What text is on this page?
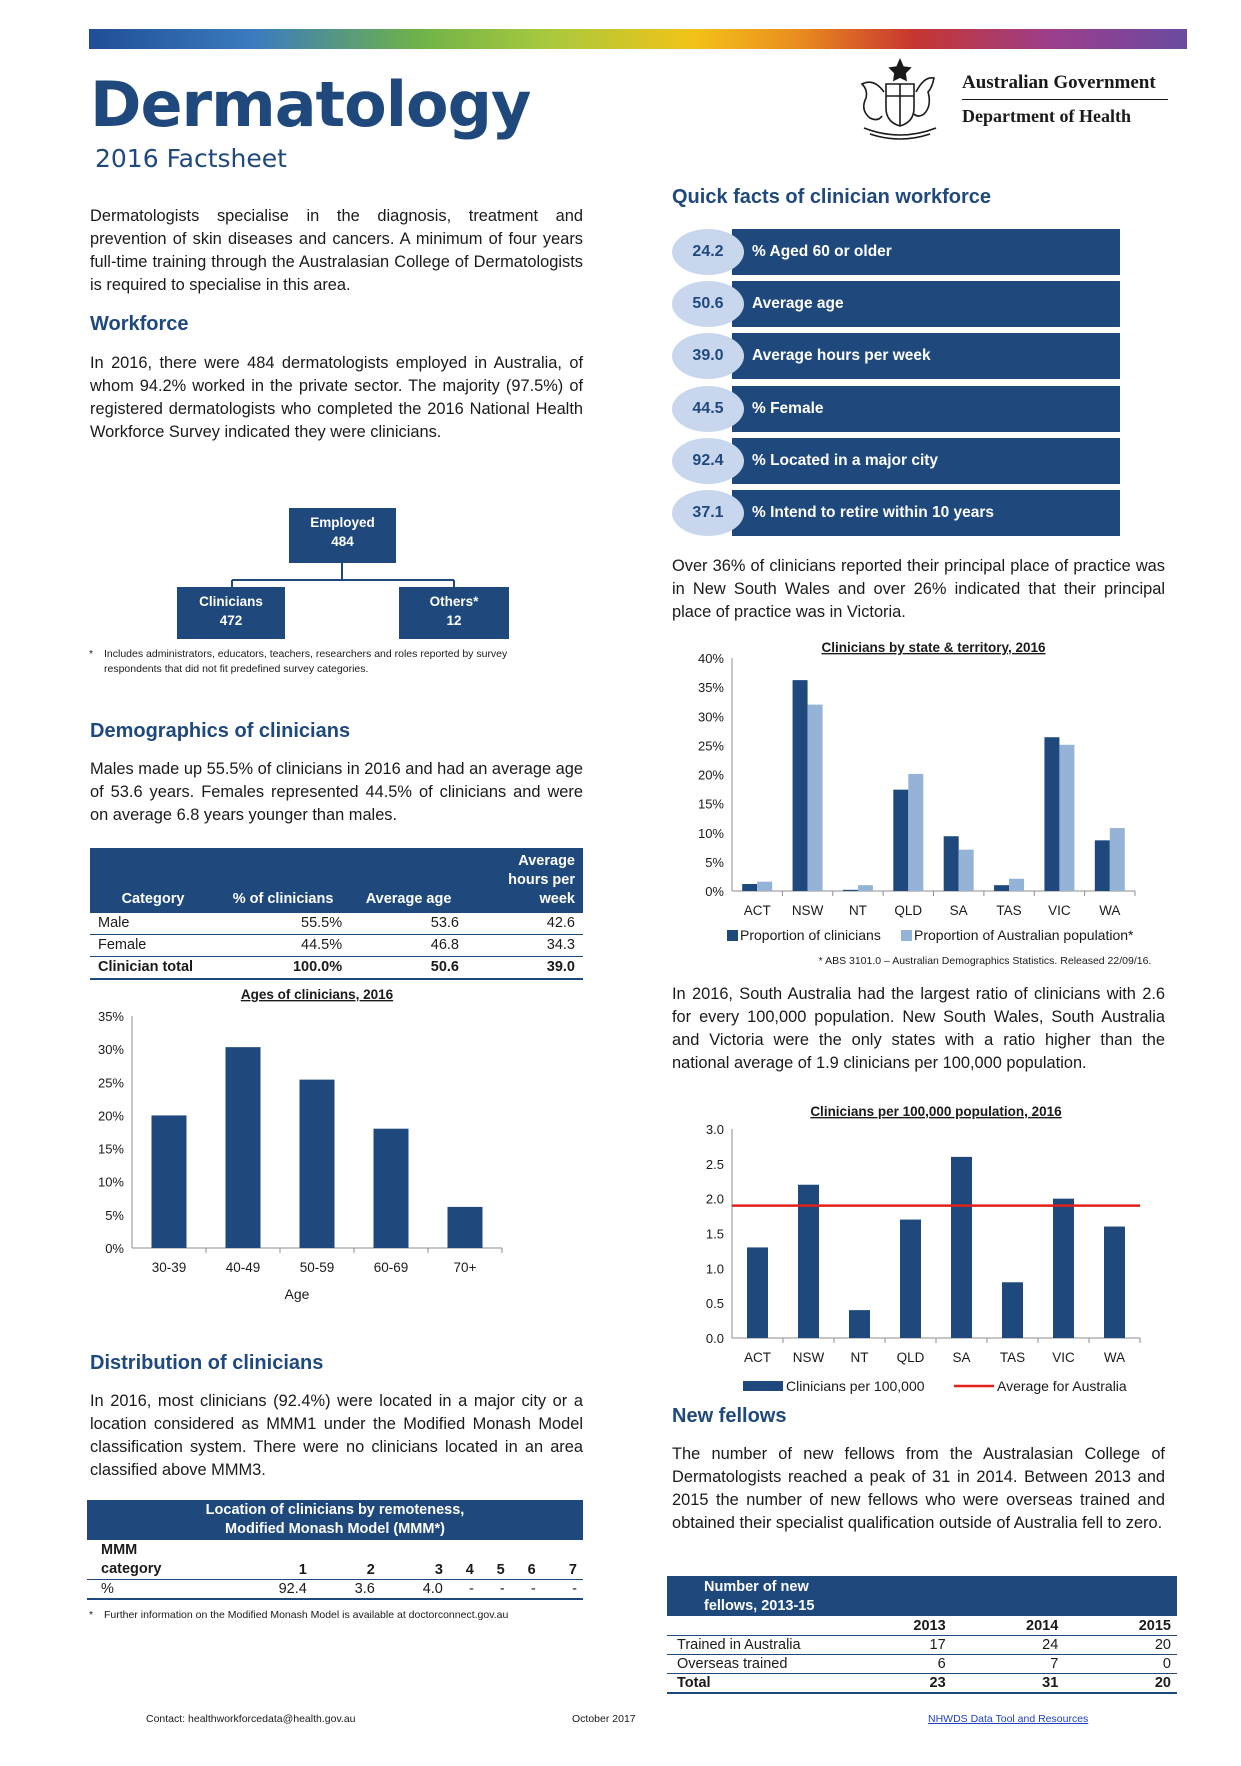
Dermatology
2016 Factsheet
Australian Government
Department of Health
Dermatologists specialise in the diagnosis, treatment and prevention of skin diseases and cancers. A minimum of four years full-time training through the Australasian College of Dermatologists is required to specialise in this area.
Workforce
In 2016, there were 484 dermatologists employed in Australia, of whom 94.2% worked in the private sector. The majority (97.5%) of registered dermatologists who completed the 2016 National Health Workforce Survey indicated they were clinicians.
Employed
484
Clinicians
472
Others*
12
* Includes administrators, educators, teachers, researchers and roles reported by survey respondents that did not fit predefined survey categories.
Demographics of clinicians
Males made up 55.5% of clinicians in 2016 and had an average age of 53.6 years. Females represented 44.5% of clinicians and were on average 6.8 years younger than males.
Category	% of clinicians	Average age	Average hours per week
Male	55.5%	53.6	42.6
Female	44.5%	46.8	34.3
Clinician total	100.0%	50.6	39.0
Ages of clinicians, 2016
0%
5%
10%
15%
20%
25%
30%
35%
30-39	40-49	50-59	60-69	70+
Age
Distribution of clinicians
In 2016, most clinicians (92.4%) were located in a major city or a location considered as MMM1 under the Modified Monash Model classification system. There were no clinicians located in an area classified above MMM3.
Location of clinicians by remoteness,
Modified Monash Model (MMM*)
MMM
category	1	2	3	4	5	6	7
%	92.4	3.6	4.0	-	-	-	-
* Further information on the Modified Monash Model is available at doctorconnect.gov.au
Quick facts of clinician workforce
24.2	% Aged 60 or older
50.6	Average age
39.0	Average hours per week
44.5	% Female
92.4	% Located in a major city
37.1	% Intend to retire within 10 years
Over 36% of clinicians reported their principal place of practice was in New South Wales and over 26% indicated that their principal place of practice was in Victoria.
Clinicians by state & territory, 2016
0%
5%
10%
15%
20%
25%
30%
35%
40%
ACT NSW NT QLD SA TAS VIC WA
Proportion of clinicians Proportion of Australian population*
* ABS 3101.0 – Australian Demographics Statistics. Released 22/09/16.
In 2016, South Australia had the largest ratio of clinicians with 2.6 for every 100,000 population. New South Wales, South Australia and Victoria were the only states with a ratio higher than the national average of 1.9 clinicians per 100,000 population.
Clinicians per 100,000 population, 2016
0.0
0.5
1.0
1.5
2.0
2.5
3.0
ACT NSW NT QLD SA TAS VIC WA
Clinicians per 100,000	Average for Australia
New fellows
The number of new fellows from the Australasian College of Dermatologists reached a peak of 31 in 2014. Between 2013 and 2015 the number of new fellows who were overseas trained and obtained their specialist qualification outside of Australia fell to zero.
Number of new
fellows, 2013-15
	2013	2014	2015
Trained in Australia	17	24	20
Overseas trained	6	7	0
Total	23	31	20
Contact: healthworkforcedata@health.gov.au	October 2017	NHWDS Data Tool and Resources
